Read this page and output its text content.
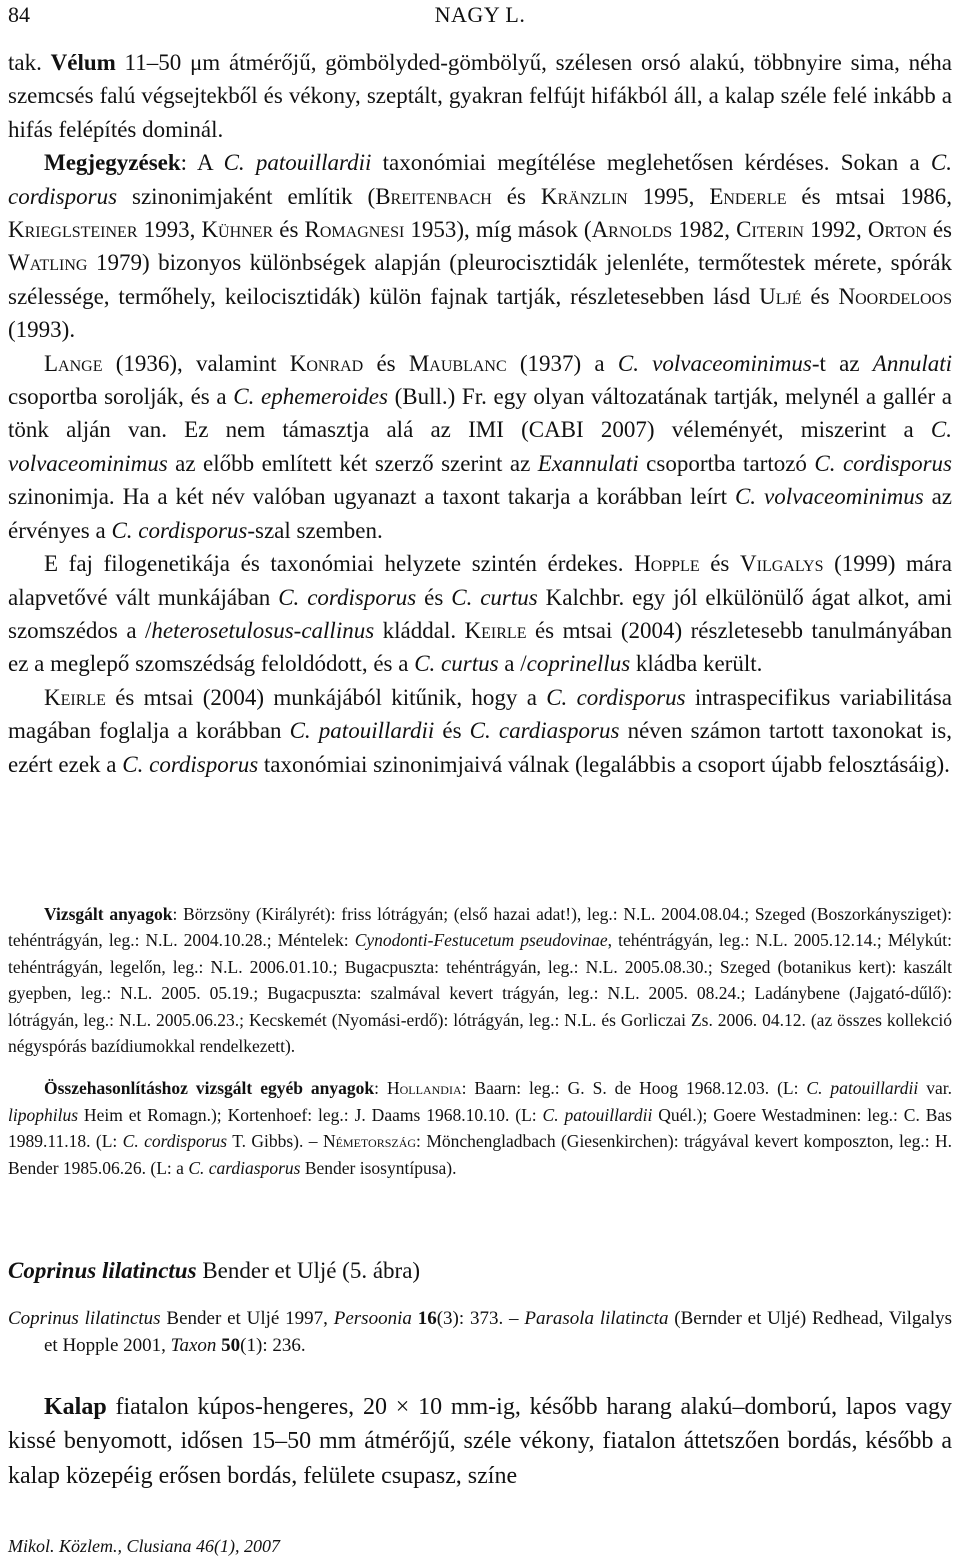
84	NAGY L.

tak. Vélum 11–50 μm átmérőjű, gömbölyded-gömbölyű, szélesen orsó alakú, többnyire sima, néha szemcsés falú végsejtekből és vékony, szeptált, gyakran felfújt hifákból áll, a kalap széle felé inkább a hifás felépítés dominál.

Megjegyzések: A C. patouillardii taxonómiai megítélése meglehetősen kérdéses. Sokan a C. cordisporus szinonimjaként említik (Breitenbach és Kränzlin 1995, Enderle és mtsai 1986, Krieglsteiner 1993, Kühner és Romagnesi 1953), míg mások (Arnolds 1982, Citerin 1992, Orton és Watling 1979) bizonyos különbségek alapján (pleurocisztidák jelenléte, termőtestek mérete, spórák szélessége, termőhely, keilocisztidák) külön fajnak tartják, részletesebben lásd Uljé és Noordeloos (1993).

Lange (1936), valamint Konrad és Maublanc (1937) a C. volvaceominimus-t az Annulati csoportba sorolják, és a C. ephemeroides (Bull.) Fr. egy olyan változatának tartják, melynél a gallér a tönk alján van. Ez nem támasztja alá az IMI (CABI 2007) véleményét, miszerint a C. volvaceominimus az előbb említett két szerző szerint az Exannulati csoportba tartozó C. cordisporus szinonimja. Ha a két név valóban ugyanazt a taxont takarja a korábban leírt C. volvaceominimus az érvényes a C. cordisporus-szal szemben.

E faj filogenetikája és taxonómiai helyzete szintén érdekes. Hopple és Vilgalys (1999) mára alapvetővé vált munkájában C. cordisporus és C. curtus Kalchbr. egy jól elkülönülő ágat alkot, ami szomszédos a /heterosetulosus-callinus kláddal. Keirle és mtsai (2004) részletesebb tanulmányában ez a meglepő szomszédság feloldódott, és a C. curtus a /coprinellus kládba került.

Keirle és mtsai (2004) munkájából kitűnik, hogy a C. cordisporus intraspecifikus variabilitása magában foglalja a korábban C. patouillardii és C. cardiasporus néven számon tartott taxonokat is, ezért ezek a C. cordisporus taxonómiai szinonimjaivá válnak (legalábbis a csoport újabb felosztásáig).

Vizsgált anyagok: Börzsöny (Királyrét): friss lótrágyán; (első hazai adat!), leg.: N.L. 2004.08.04.; Szeged (Boszorkánysziget): tehéntrágyán, leg.: N.L. 2004.10.28.; Méntelek: Cynodonti-Festucetum pseudovinae, tehéntrágyán, leg.: N.L. 2005.12.14.; Mélykút: tehéntrágyán, legelőn, leg.: N.L. 2006.01.10.; Bugacpuszta: tehéntrágyán, leg.: N.L. 2005.08.30.; Szeged (botanikus kert): kaszált gyepben, leg.: N.L. 2005. 05.19.; Bugacpuszta: szalmával kevert trágyán, leg.: N.L. 2005. 08.24.; Ladánybene (Jajgató-dűlő): lótrágyán, leg.: N.L. 2005.06.23.; Kecskemét (Nyomási-erdő): lótrágyán, leg.: N.L. és Gorliczai Zs. 2006. 04.12. (az összes kollekció négyspórás bazídiumokkal rendelkezett).

Összehasonlításhoz vizsgált egyéb anyagok: Hollandia: Baarn: leg.: G. S. de Hoog 1968.12.03. (L: C. patouillardii var. lipophilus Heim et Romagn.); Kortenhoef: leg.: J. Daams 1968.10.10. (L: C. patouillardii Quél.); Goere Westadminen: leg.: C. Bas 1989.11.18. (L: C. cordisporus T. Gibbs). – Németország: Mönchengladbach (Giesenkirchen): trágyával kevert komposzton, leg.: H. Bender 1985.06.26. (L: a C. cardiasporus Bender isosyntípusa).

Coprinus lilatinctus Bender et Uljé (5. ábra)

Coprinus lilatinctus Bender et Uljé 1997, Persoonia 16(3): 373. – Parasola lilatincta (Bernder et Uljé) Redhead, Vilgalys et Hopple 2001, Taxon 50(1): 236.

Kalap fiatalon kúpos-hengeres, 20 × 10 mm-ig, később harang alakú–domború, lapos vagy kissé benyomott, idősen 15–50 mm átmérőjű, széle vékony, fiatalon áttetszően bordás, később a kalap közepéig erősen bordás, felülete csupasz, színe

Mikol. Közlem., Clusiana 46(1), 2007
